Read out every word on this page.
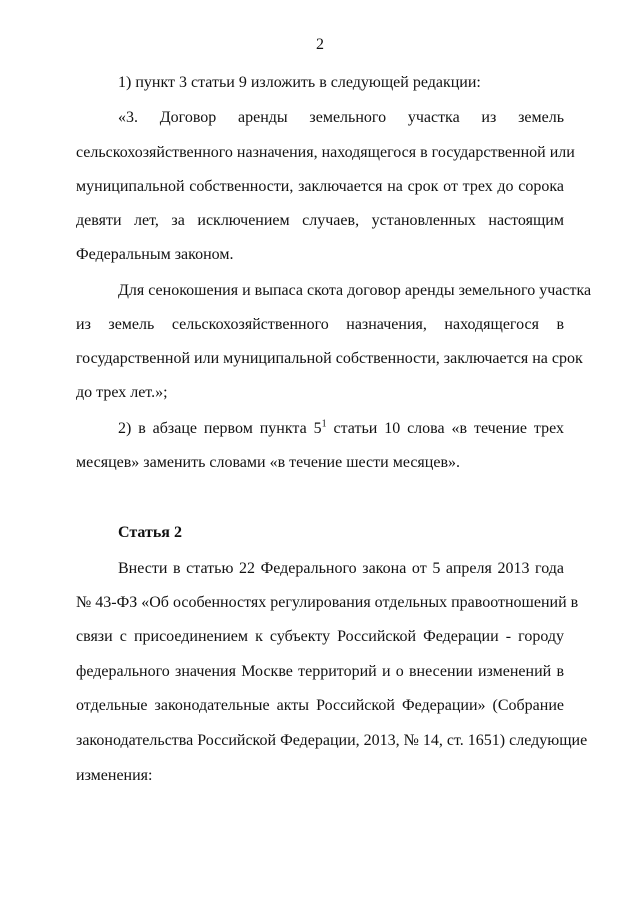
2
1) пункт 3 статьи 9 изложить в следующей редакции:
«3. Договор аренды земельного участка из земель
сельскохозяйственного назначения, находящегося в государственной или
муниципальной собственности, заключается на срок от трех до сорока
девяти лет, за исключением случаев, установленных настоящим
Федеральным законом.
Для сенокошения и выпаса скота договор аренды земельного участка
из земель сельскохозяйственного назначения, находящегося в
государственной или муниципальной собственности, заключается на срок
до трех лет.»;
2) в абзаце первом пункта $5^1$ статьи 10 слова «в течение трех
месяцев» заменить словами «в течение шести месяцев».
Статья 2
Внести в статью 22 Федерального закона от 5 апреля 2013 года
№ 43-ФЗ «Об особенностях регулирования отдельных правоотношений в
связи с присоединением к субъекту Российской Федерации - городу
федерального значения Москве территорий и о внесении изменений в
отдельные законодательные акты Российской Федерации» (Собрание
законодательства Российской Федерации, 2013, № 14, ст. 1651) следующие
изменения:
